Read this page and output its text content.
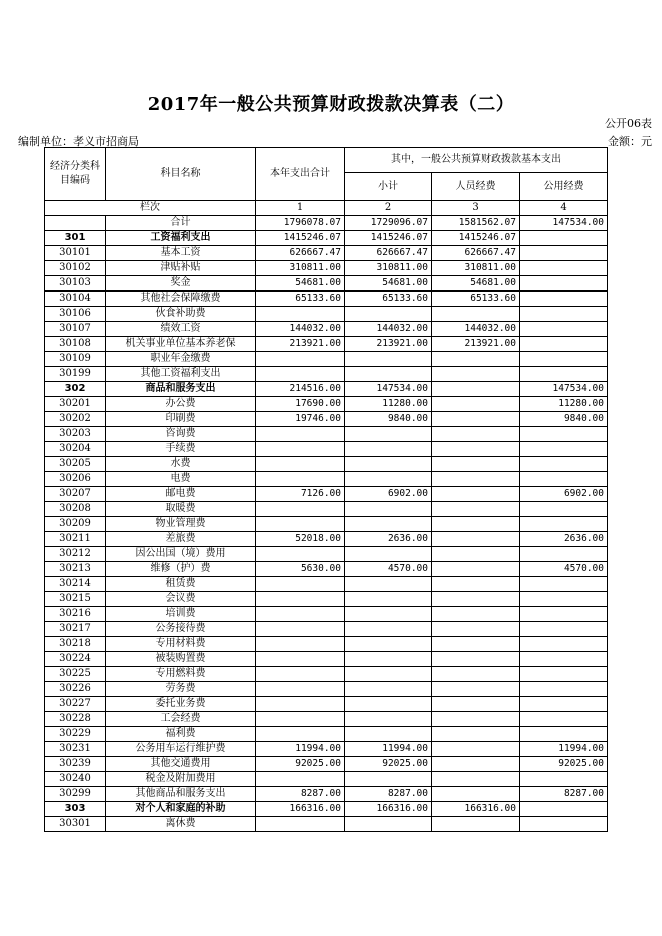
2017年一般公共预算财政拨款决算表（二）
公开06表
编制单位：孝义市招商局	金额：元
经济分类科目编码	科目名称	本年支出合计	其中，一般公共预算财政拨款基本支出		
			小计	人员经费	公用经费
栏次		1	2	3	4
	合计	1796078.07	1729096.07	1581562.07	147534.00
301	工资福利支出	1415246.07	1415246.07	1415246.07	
30101	基本工资	626667.47	626667.47	626667.47	
30102	津贴补贴	310811.00	310811.00	310811.00	
30103	奖金	54681.00	54681.00	54681.00	
30104	其他社会保障缴费	65133.60	65133.60	65133.60	
30106	伙食补助费				
30107	绩效工资	144032.00	144032.00	144032.00	
30108	机关事业单位基本养老保	213921.00	213921.00	213921.00	
30109	职业年金缴费				
30199	其他工资福利支出				
302	商品和服务支出	214516.00	147534.00		147534.00
30201	办公费	17690.00	11280.00		11280.00
30202	印刷费	19746.00	9840.00		9840.00
30203	咨询费				
30204	手续费				
30205	水费				
30206	电费				
30207	邮电费	7126.00	6902.00		6902.00
30208	取暖费				
30209	物业管理费				
30211	差旅费	52018.00	2636.00		2636.00
30212	因公出国（境）费用				
30213	维修（护）费	5630.00	4570.00		4570.00
30214	租赁费				
30215	会议费				
30216	培训费				
30217	公务接待费				
30218	专用材料费				
30224	被装购置费				
30225	专用燃料费				
30226	劳务费				
30227	委托业务费				
30228	工会经费				
30229	福利费				
30231	公务用车运行维护费	11994.00	11994.00		11994.00
30239	其他交通费用	92025.00	92025.00		92025.00
30240	税金及附加费用				
30299	其他商品和服务支出	8287.00	8287.00		8287.00
303	对个人和家庭的补助	166316.00	166316.00	166316.00	
30301	离休费				
